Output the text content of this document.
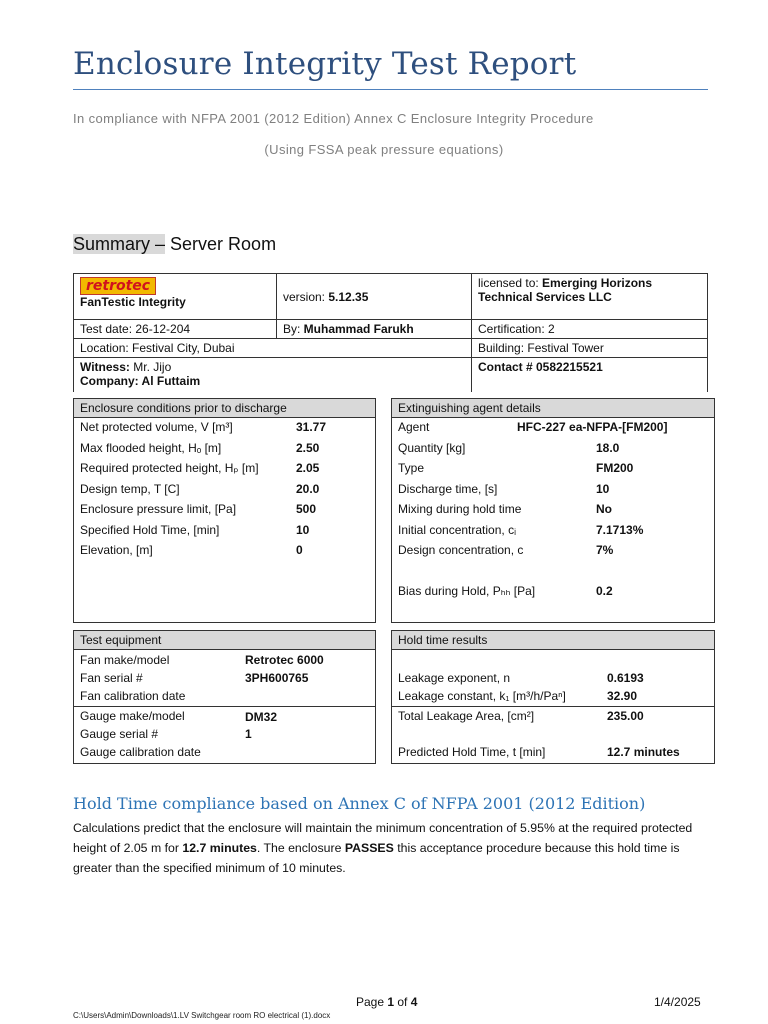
Enclosure Integrity Test Report
In compliance with NFPA 2001 (2012 Edition) Annex C Enclosure Integrity Procedure
(Using FSSA peak pressure equations)
Summary – Server Room
retrotec
FanTestic Integrity	version: 5.12.35	licensed to: Emerging Horizons
Technical Services LLC
Test date: 26-12-204	By: Muhammad Farukh	Certification: 2
Location: Festival City, Dubai		Building: Festival Tower
Witness: Mr. Jijo
Company: Al Futtaim		Contact # 0582215521
Enclosure conditions prior to discharge
Net protected volume, V [m³]	31.77
Max flooded height, Hₒ [m]	2.50
Required protected height, Hₚ [m]	2.05
Design temp, T [C]	20.0
Enclosure pressure limit, [Pa]	500
Specified Hold Time, [min]	10
Elevation, [m]	0
Extinguishing agent details
Agent	HFC-227 ea-NFPA-[FM200]
Quantity [kg]	18.0
Type	FM200
Discharge time, [s]	10
Mixing during hold time	No
Initial concentration, cᵢ	7.1713%
Design concentration, c	7%
Bias during Hold, Pₕₕ [Pa]	0.2
Test equipment
Fan make/model	Retrotec 6000
Fan serial #	3PH600765
Fan calibration date
Gauge make/model	DM32
Gauge serial #	1
Gauge calibration date
Hold time results
Leakage exponent, n	0.6193
Leakage constant, k₁ [m³/h/Paⁿ]	32.90
Total Leakage Area, [cm²]	235.00
Predicted Hold Time, t [min]	12.7 minutes
Hold Time compliance based on Annex C of NFPA 2001 (2012 Edition)
Calculations predict that the enclosure will maintain the minimum concentration of 5.95% at the required protected height of 2.05 m for 12.7 minutes. The enclosure PASSES this acceptance procedure because this hold time is greater than the specified minimum of 10 minutes.
Page 1 of 4	1/4/2025
C:\Users\Admin\Downloads\1.LV Switchgear room RO electrical (1).docx
